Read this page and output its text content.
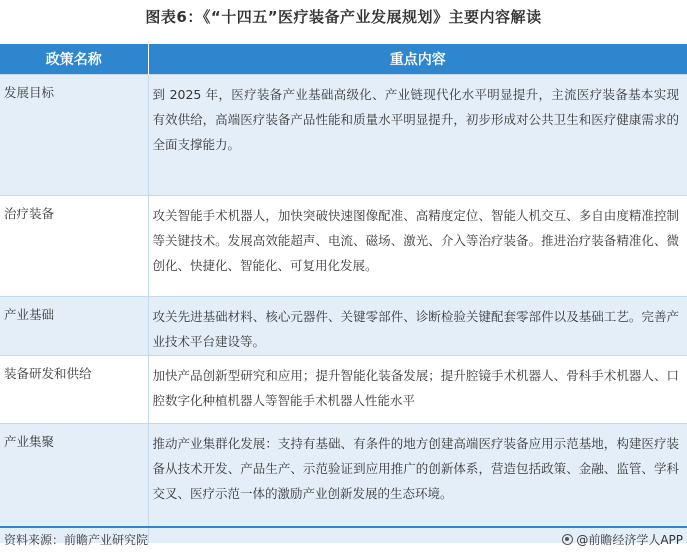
图表6：《“十四五”医疗装备产业发展规划》主要内容解读
政策名称	重点内容
发展目标	到 2025 年，医疗装备产业基础高级化、产业链现代化水平明显提升，主流医疗装备基本实现有效供给，高端医疗装备产品性能和质量水平明显提升，初步形成对公共卫生和医疗健康需求的全面支撑能力。
治疗装备	攻关智能手术机器人，加快突破快速图像配准、高精度定位、智能人机交互、多自由度精准控制等关键技术。发展高效能超声、电流、磁场、激光、介入等治疗装备。推进治疗装备精准化、微创化、快捷化、智能化、可复用化发展。
产业基础	攻关先进基础材料、核心元器件、关键零部件、诊断检验关键配套零部件以及基础工艺。完善产业技术平台建设等。
装备研发和供给	加快产品创新型研究和应用；提升智能化装备发展；提升腔镜手术机器人、骨科手术机器人、口腔数字化种植机器人等智能手术机器人性能水平
产业集聚	推动产业集群化发展：支持有基础、有条件的地方创建高端医疗装备应用示范基地，构建医疗装备从技术开发、产品生产、示范验证到应用推广的创新体系，营造包括政策、金融、监管、学科交叉、医疗示范一体的激励产业创新发展的生态环境。
资料来源：前瞻产业研究院	@前瞻经济学人APP
